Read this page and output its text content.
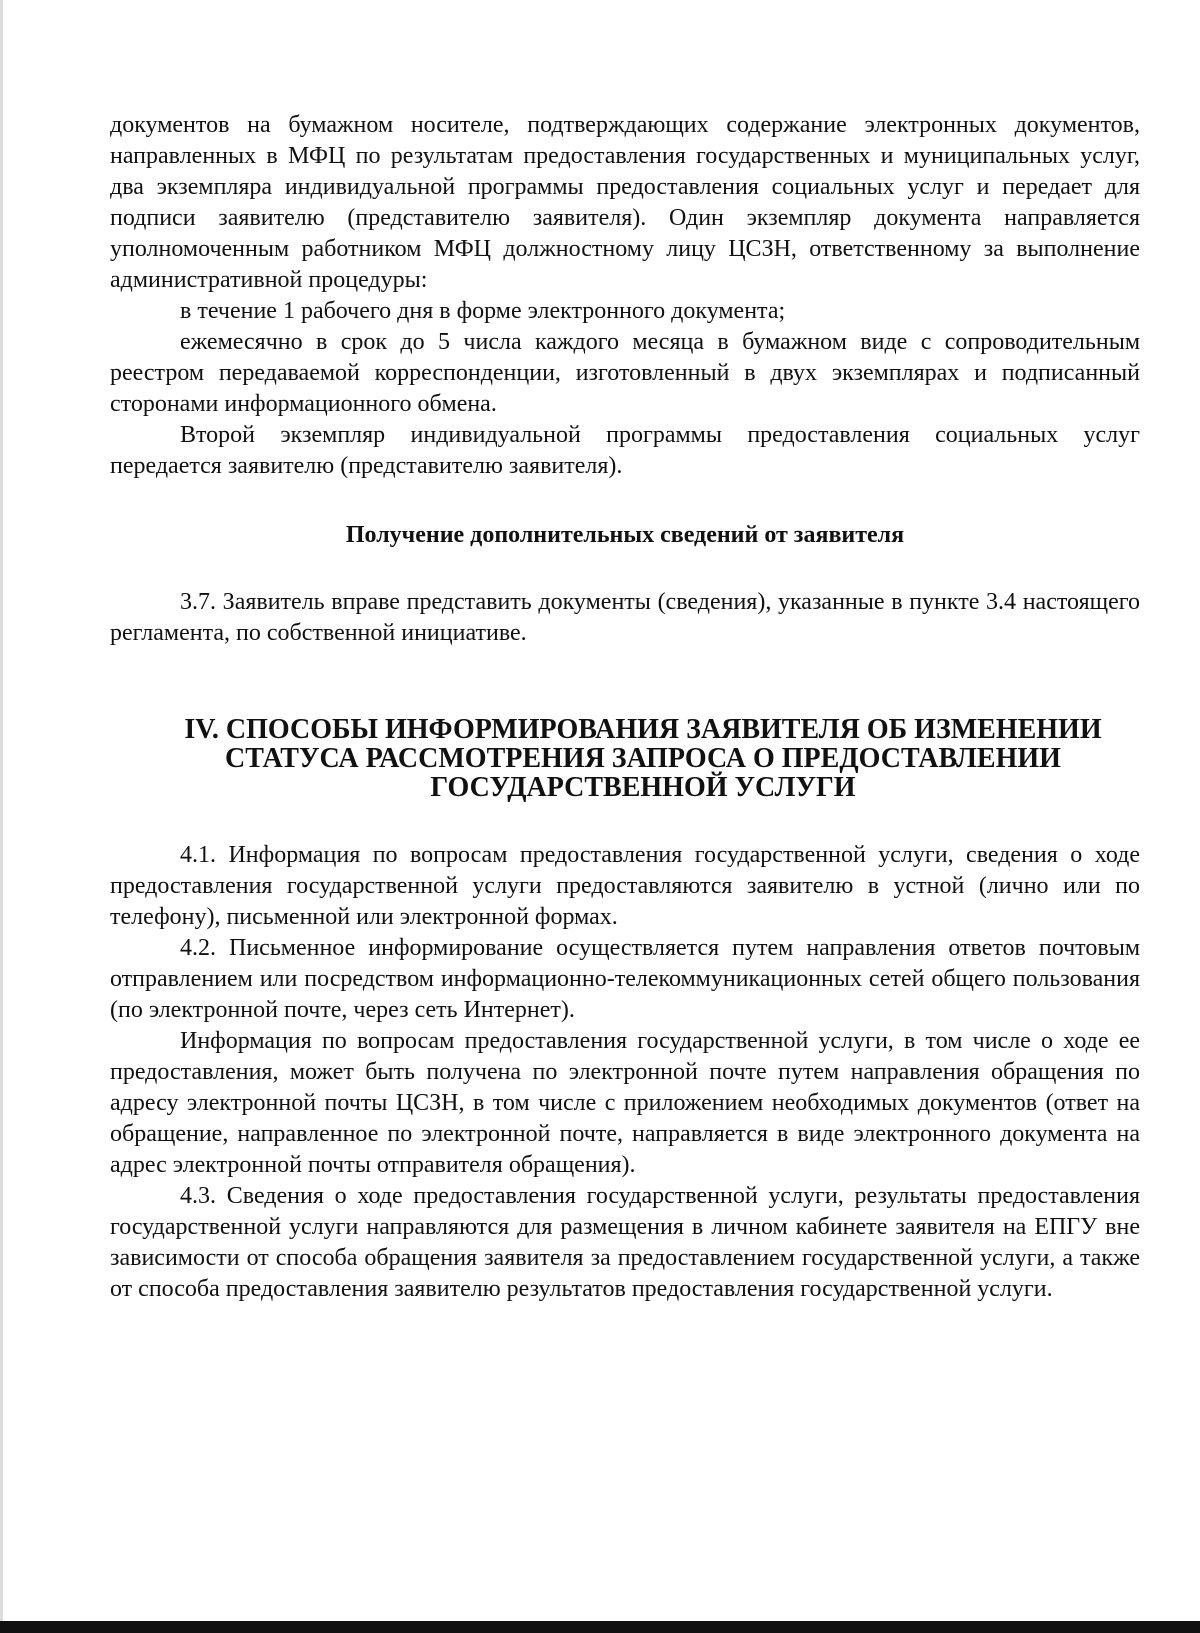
документов на бумажном носителе, подтверждающих содержание электронных документов, направленных в МФЦ по результатам предоставления государственных и муниципальных услуг, два экземпляра индивидуальной программы предоставления социальных услуг и передает для подписи заявителю (представителю заявителя). Один экземпляр документа направляется уполномоченным работником МФЦ должностному лицу ЦСЗН, ответственному за выполнение административной процедуры:

в течение 1 рабочего дня в форме электронного документа;

ежемесячно в срок до 5 числа каждого месяца в бумажном виде с сопроводительным реестром передаваемой корреспонденции, изготовленный в двух экземплярах и подписанный сторонами информационного обмена.

Второй экземпляр индивидуальной программы предоставления социальных услуг передается заявителю (представителю заявителя).

Получение дополнительных сведений от заявителя

3.7. Заявитель вправе представить документы (сведения), указанные в пункте 3.4 настоящего регламента, по собственной инициативе.

IV. СПОСОБЫ ИНФОРМИРОВАНИЯ ЗАЯВИТЕЛЯ ОБ ИЗМЕНЕНИИ
СТАТУСА РАССМОТРЕНИЯ ЗАПРОСА О ПРЕДОСТАВЛЕНИИ
ГОСУДАРСТВЕННОЙ УСЛУГИ

4.1. Информация по вопросам предоставления государственной услуги, сведения о ходе предоставления государственной услуги предоставляются заявителю в устной (лично или по телефону), письменной или электронной формах.

4.2. Письменное информирование осуществляется путем направления ответов почтовым отправлением или посредством информационно-телекоммуникационных сетей общего пользования (по электронной почте, через сеть Интернет).

Информация по вопросам предоставления государственной услуги, в том числе о ходе ее предоставления, может быть получена по электронной почте путем направления обращения по адресу электронной почты ЦСЗН, в том числе с приложением необходимых документов (ответ на обращение, направленное по электронной почте, направляется в виде электронного документа на адрес электронной почты отправителя обращения).

4.3. Сведения о ходе предоставления государственной услуги, результаты предоставления государственной услуги направляются для размещения в личном кабинете заявителя на ЕПГУ вне зависимости от способа обращения заявителя за предоставлением государственной услуги, а также от способа предоставления заявителю результатов предоставления государственной услуги.
